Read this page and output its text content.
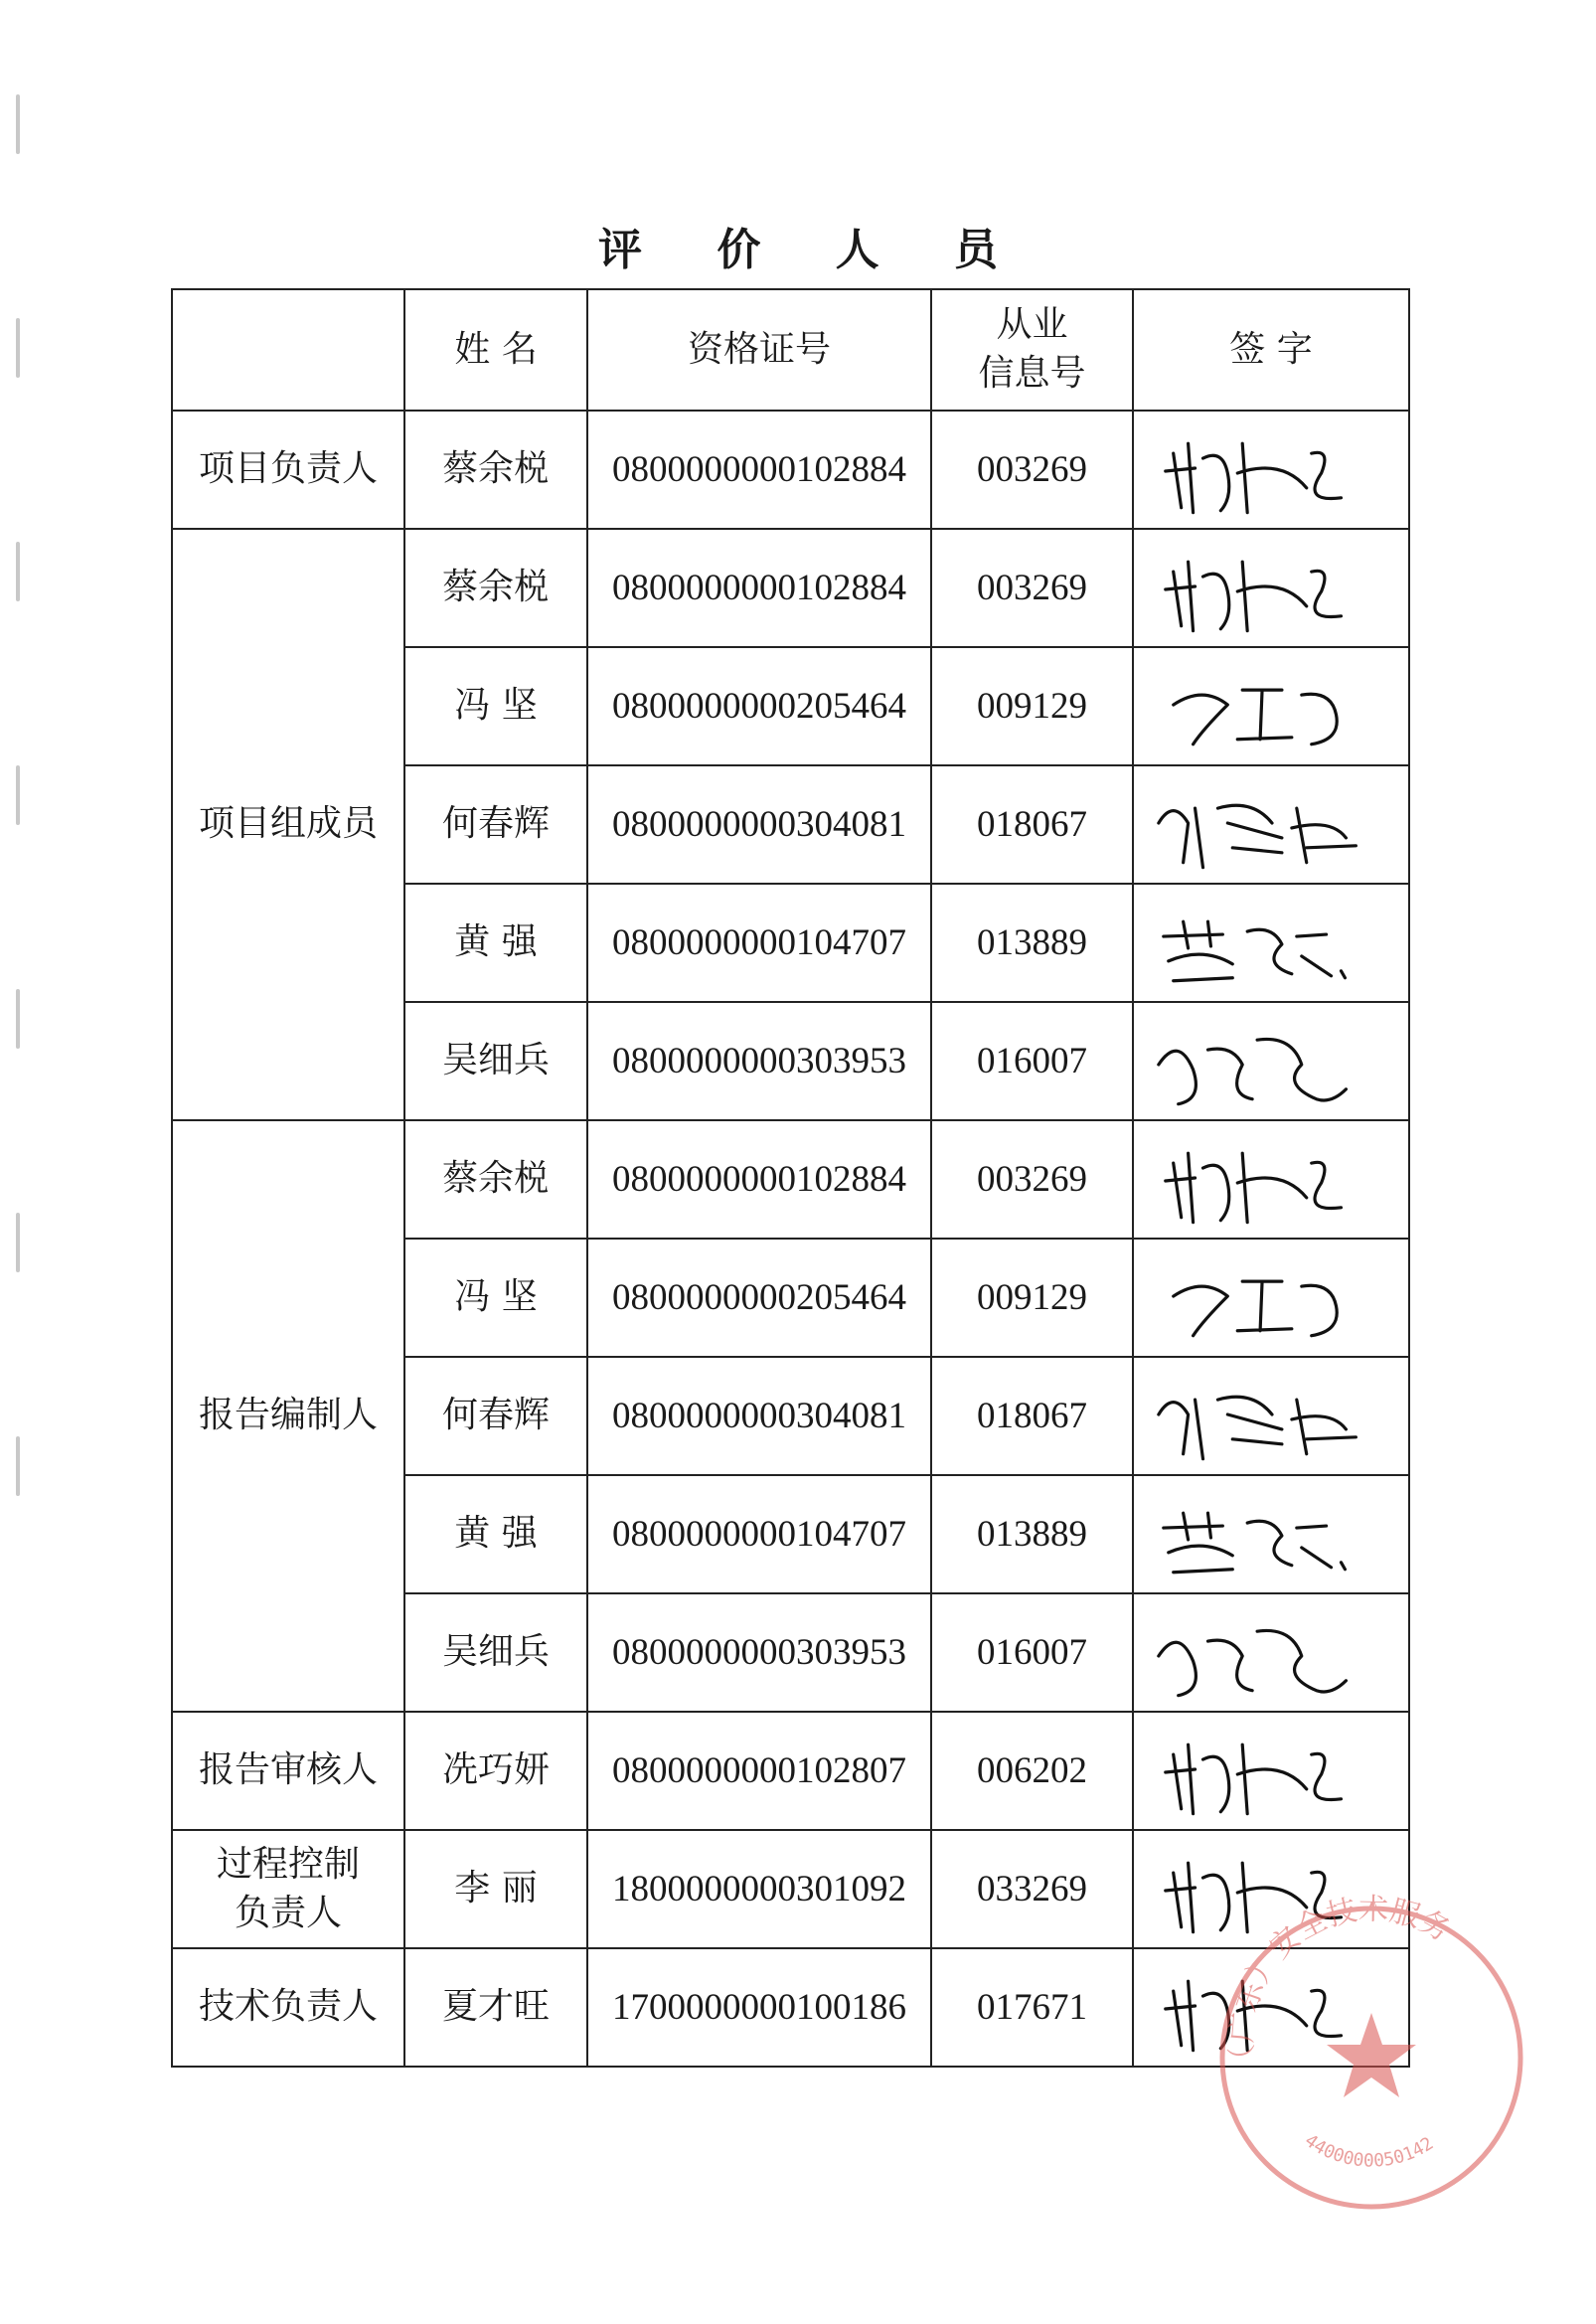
评 价 人 员
	姓 名	资格证号	从业
信息号	签 字

项目负责人	蔡余棁	0800000000102884	003269	

项目组成员	蔡余棁	0800000000102884	003269	

	冯 坚	0800000000205464	009129	

	何春辉	0800000000304081	018067	

	黄 强	0800000000104707	013889	

	吴细兵	0800000000303953	016007	

报告编制人	蔡余棁	0800000000102884	003269	

	冯 坚	0800000000205464	009129	

	何春辉	0800000000304081	018067	

	黄 强	0800000000104707	013889	

	吴细兵	0800000000303953	016007	

报告审核人	冼巧妍	0800000000102807	006202	

过程控制
负责人	李 丽	1800000000301092	033269	

技术负责人	夏才旺	1700000000100186	017671	
（广东）安全技术服务
4400000050142
